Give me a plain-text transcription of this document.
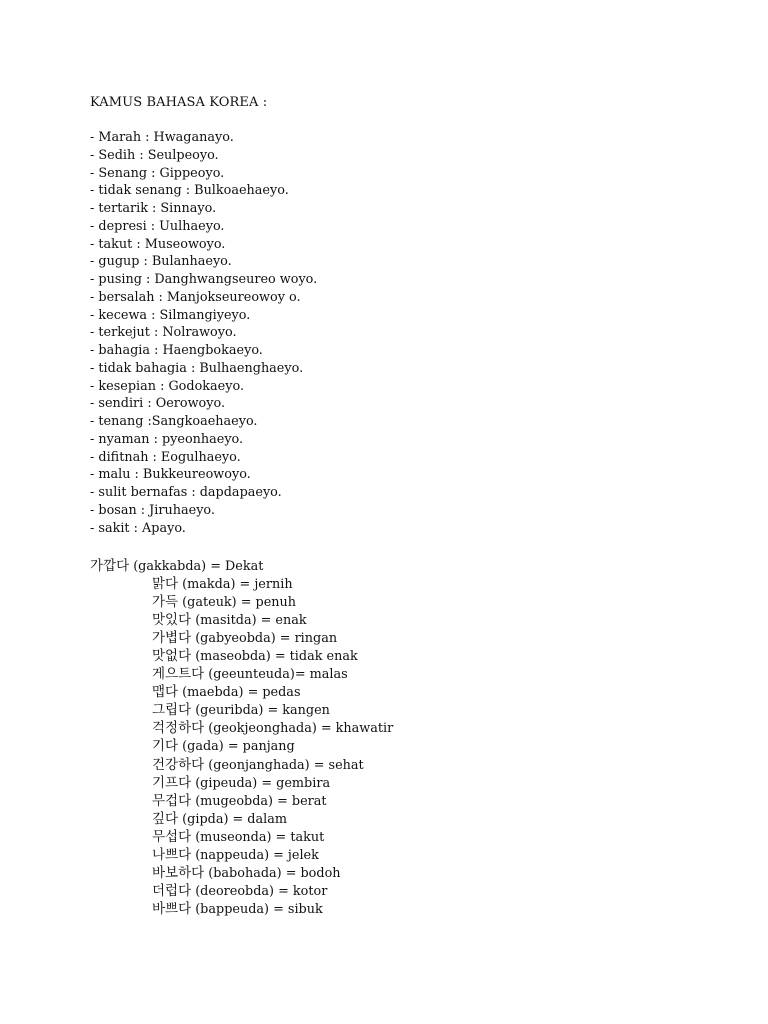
KAMUS BAHASA KOREA :
- Marah : Hwaganayo.
- Sedih : Seulpeoyo.
- Senang : Gippeoyo.
- tidak senang : Bulkoaehaeyo.
- tertarik : Sinnayo.
- depresi : Uulhaeyo.
- takut : Museowoyo.
- gugup : Bulanhaeyo.
- pusing : Danghwangseureo woyo.
- bersalah : Manjokseureowoy o.
- kecewa : Silmangiyeyo.
- terkejut : Nolrawoyo.
- bahagia : Haengbokaeyo.
- tidak bahagia : Bulhaenghaeyo.
- kesepian : Godokaeyo.
- sendiri : Oerowoyo.
- tenang :Sangkoaehaeyo.
- nyaman : pyeonhaeyo.
- difitnah : Eogulhaeyo.
- malu : Bukkeureowoyo.
- sulit bernafas : dapdapaeyo.
- bosan : Jiruhaeyo.
- sakit : Apayo.
가깝다 (gakkabda) = Dekat
맑다 (makda) = jernih
가득 (gateuk) = penuh
맛있다 (masitda) = enak
가볍다 (gabyeobda) = ringan
맛없다 (maseobda) = tidak enak
게으트다 (geeunteuda)= malas
맵다 (maebda) = pedas
그립다 (geuribda) = kangen
걱정하다 (geokjeonghada) = khawatir
기다 (gada) = panjang
건강하다 (geonjanghada) = sehat
기프다 (gipeuda) = gembira
무겁다 (mugeobda) = berat
깊다 (gipda) = dalam
무섭다 (museonda) = takut
나쁘다 (nappeuda) = jelek
바보하다 (babohada) = bodoh
더럽다 (deoreobda) = kotor
바쁘다 (bappeuda) = sibuk
